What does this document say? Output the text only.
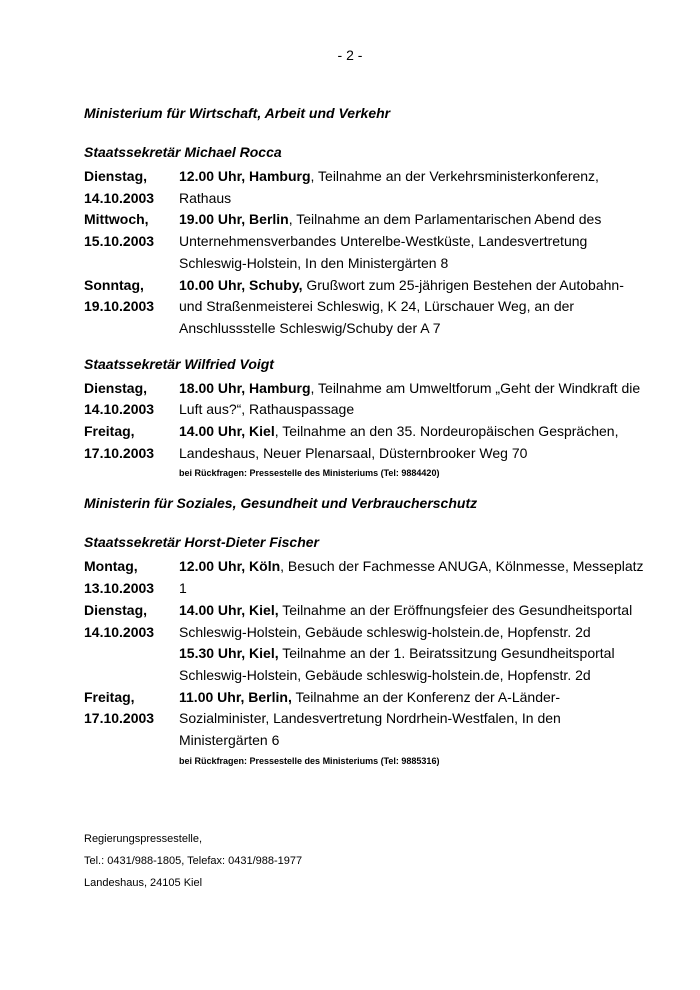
- 2 -
Ministerium für Wirtschaft, Arbeit und Verkehr
Staatssekretär Michael Rocca
Dienstag,
14.10.2003
12.00 Uhr, Hamburg, Teilnahme an der Verkehrsministerkonferenz, Rathaus
Mittwoch,
15.10.2003
19.00 Uhr, Berlin, Teilnahme an dem Parlamentarischen Abend des Unternehmensverbandes Unterelbe-Westküste, Landesvertretung Schleswig-Holstein, In den Ministergärten 8
Sonntag,
19.10.2003
10.00 Uhr, Schuby, Grußwort zum 25-jährigen Bestehen der Autobahn- und Straßenmeisterei Schleswig, K 24, Lürschauer Weg, an der Anschlussstelle Schleswig/Schuby der A 7
Staatssekretär Wilfried Voigt
Dienstag,
14.10.2003
18.00 Uhr, Hamburg, Teilnahme am Umweltforum „Geht der Windkraft die Luft aus?“, Rathauspassage
Freitag,
17.10.2003
14.00 Uhr, Kiel, Teilnahme an den 35. Nordeuropäischen Gesprächen, Landeshaus, Neuer Plenarsaal, Düsternbrooker Weg 70
bei Rückfragen: Pressestelle des Ministeriums (Tel: 9884420)
Ministerin für Soziales, Gesundheit und Verbraucherschutz
Staatssekretär Horst-Dieter Fischer
Montag,
13.10.2003
12.00 Uhr, Köln, Besuch der Fachmesse ANUGA, Kölnmesse, Messeplatz 1
Dienstag,
14.10.2003
14.00 Uhr, Kiel, Teilnahme an der Eröffnungsfeier des Gesundheitsportal Schleswig-Holstein, Gebäude schleswig-holstein.de, Hopfenstr. 2d
15.30 Uhr, Kiel, Teilnahme an der 1. Beiratssitzung Gesundheitsportal Schleswig-Holstein, Gebäude schleswig-holstein.de, Hopfenstr. 2d
Freitag,
17.10.2003
11.00 Uhr, Berlin, Teilnahme an der Konferenz der A-Länder-Sozialminister, Landesvertretung Nordrhein-Westfalen, In den Ministergärten 6
bei Rückfragen: Pressestelle des Ministeriums (Tel: 9885316)
Regierungspressestelle,
Tel.: 0431/988-1805, Telefax: 0431/988-1977
Landeshaus, 24105 Kiel
